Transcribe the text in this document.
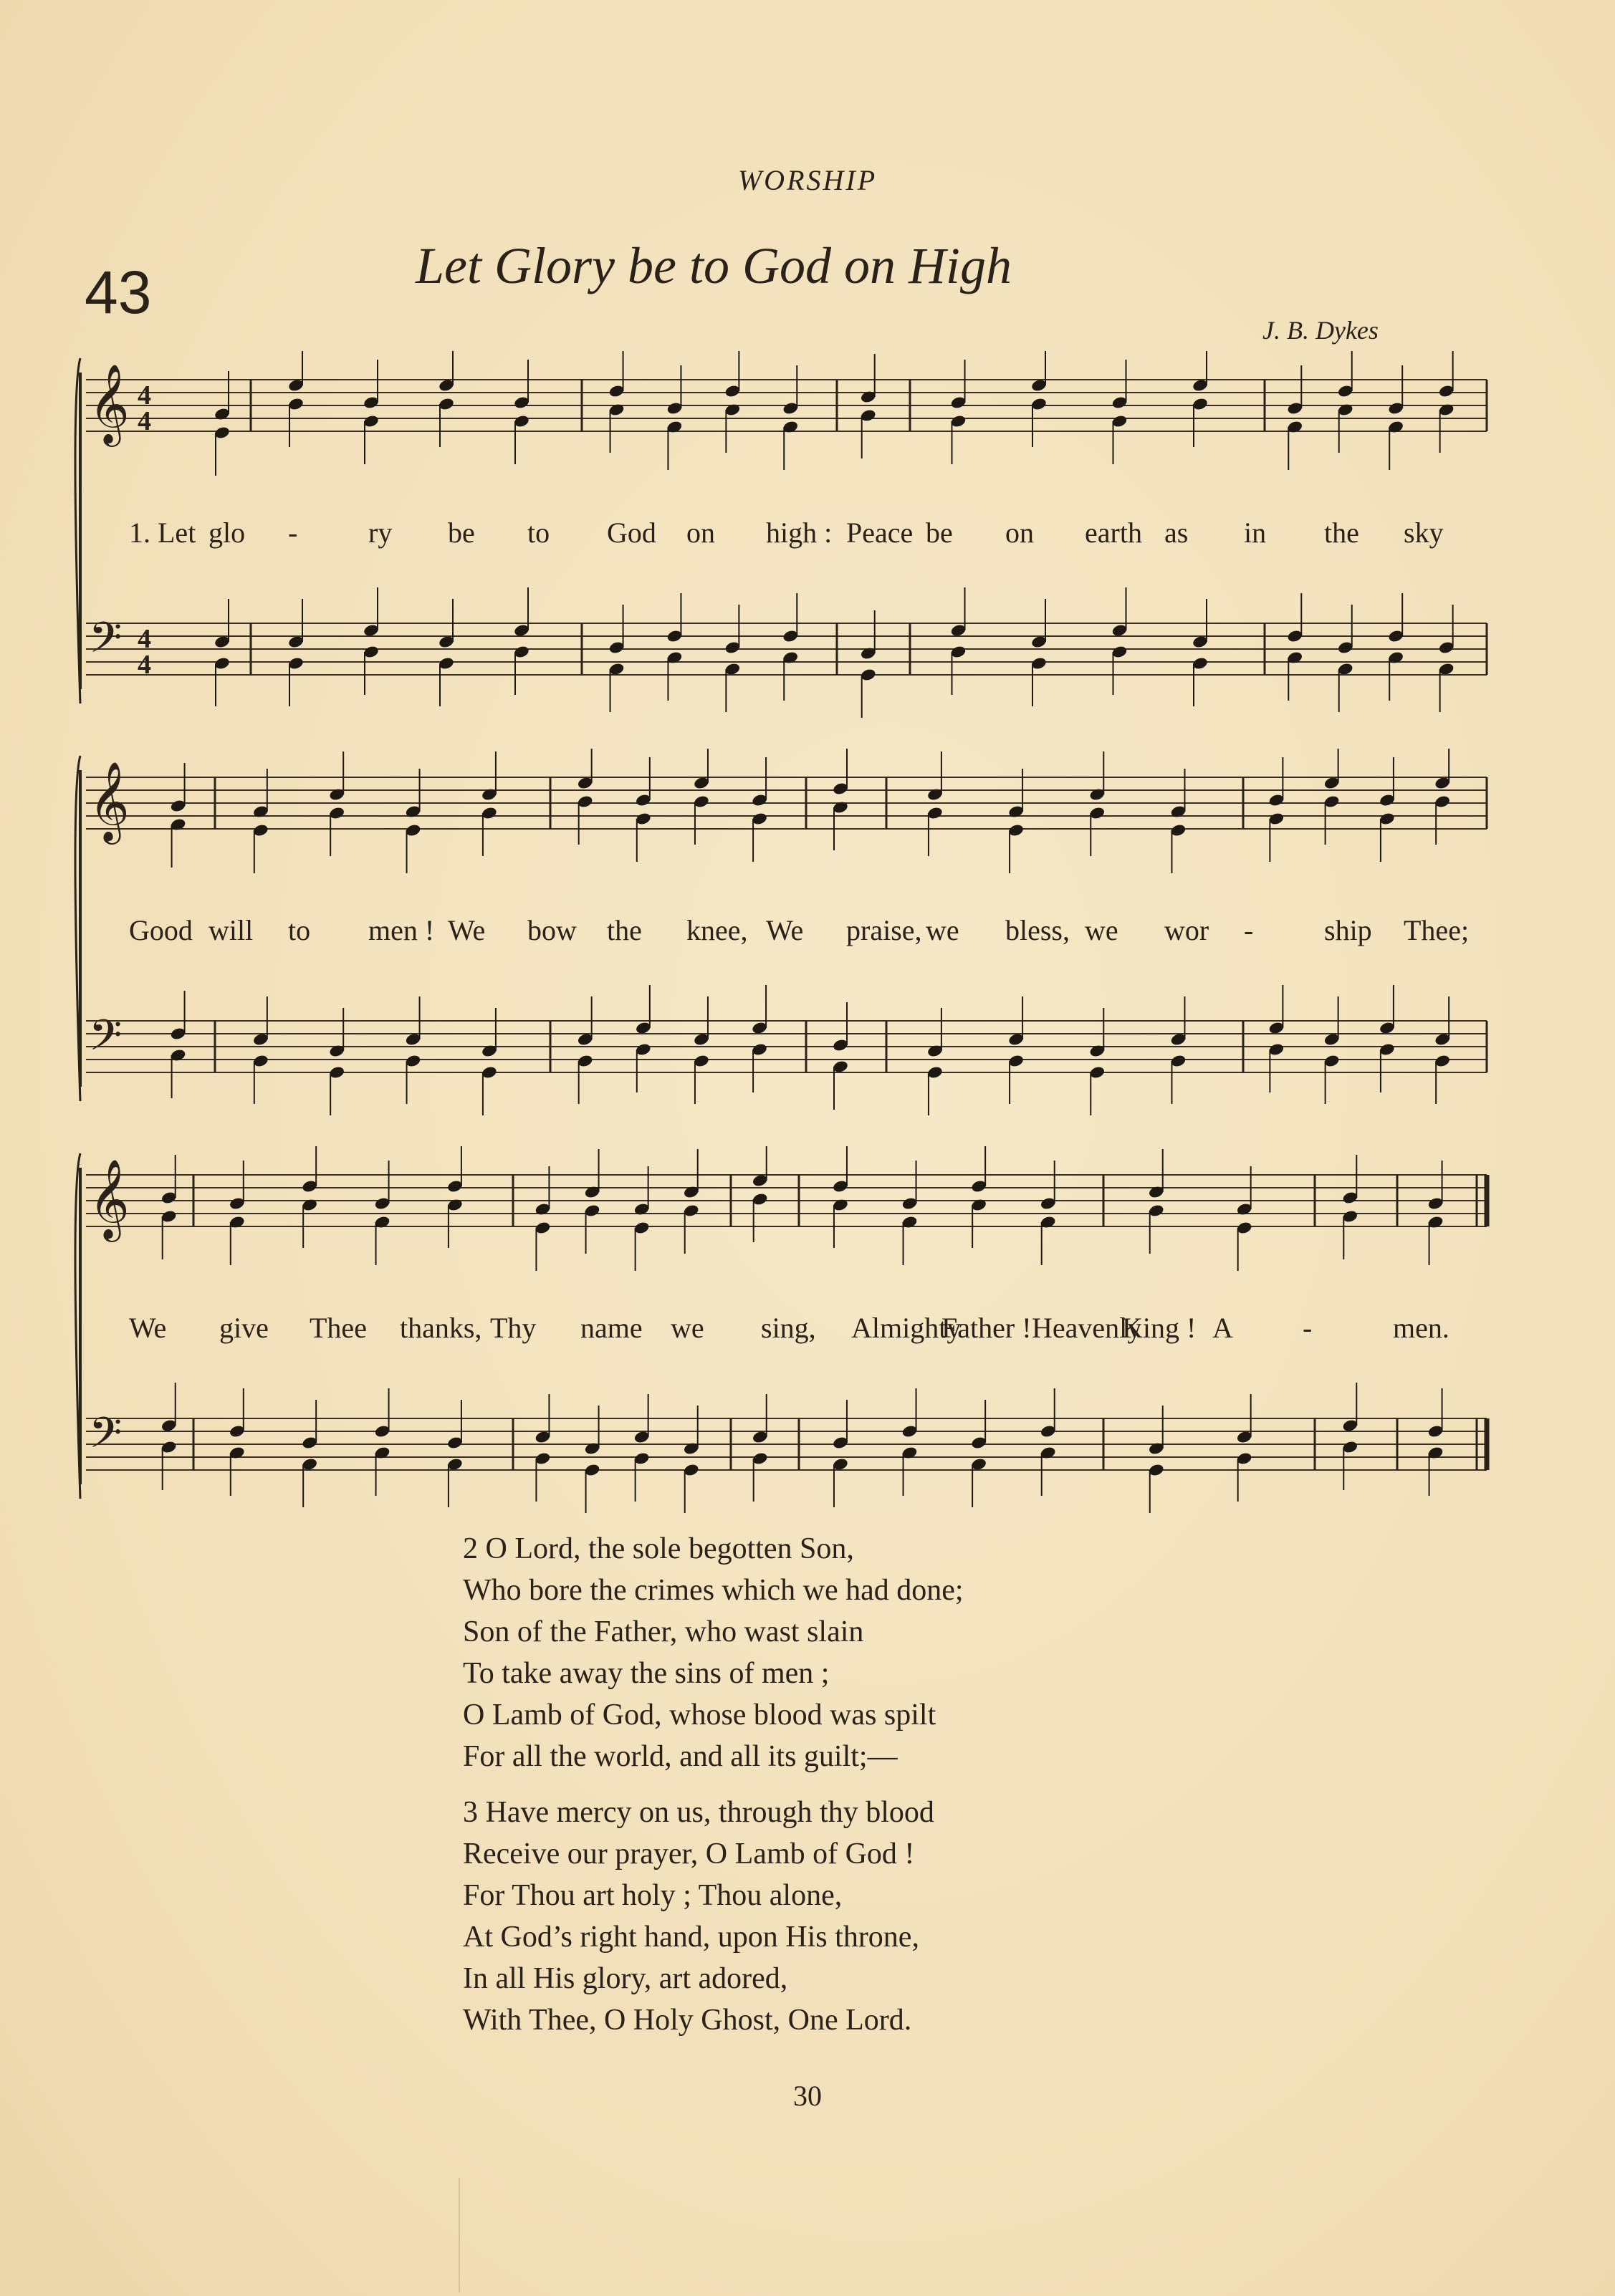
WORSHIP
43	Let Glory be to God on High
J. B. Dykes
𝄞 4
4
𝄢 4
4
1. Let glo - ry be to God on high : Peace be on earth as in the sky
𝄞
𝄢
Good will to men ! We bow the knee, We praise, we bless, we wor - ship Thee;
𝄞
𝄢
We give Thee thanks, Thy name we sing, Almighty
Father ! Heavenly
King ! A -	men.
2 O Lord, the sole begotten Son,
Who bore the crimes which we had done;
Son of the Father, who wast slain
To take away the sins of men ;
O Lamb of God, whose blood was spilt
For all the world, and all its guilt;—
3 Have mercy on us, through thy blood
Receive our prayer, O Lamb of God !
For Thou art holy ; Thou alone,
At God’s right hand, upon His throne,
In all His glory, art adored,
With Thee, O Holy Ghost, One Lord.
30
